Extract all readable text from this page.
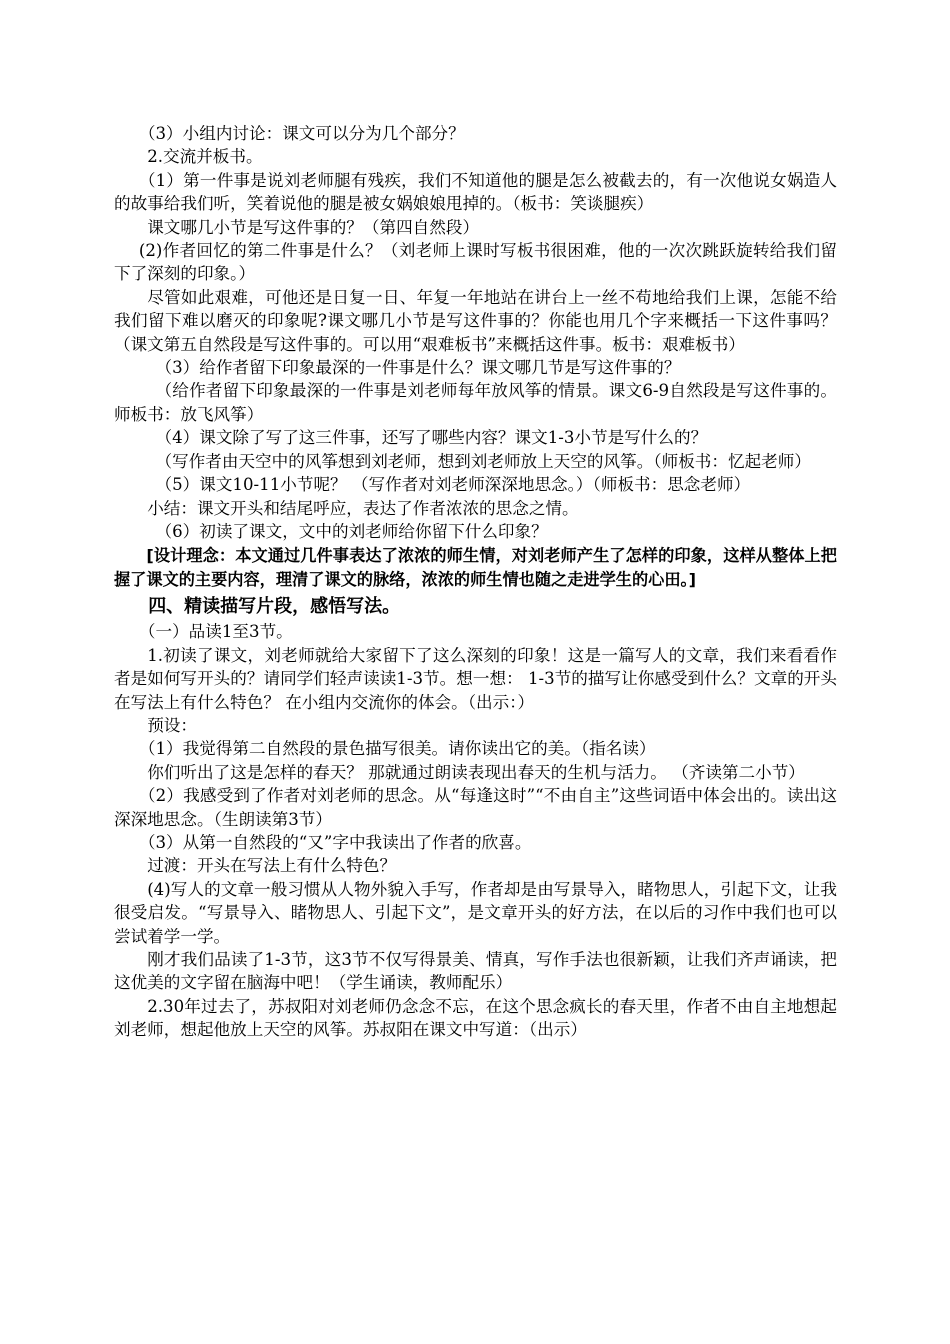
（3）小组内讨论：课文可以分为几个部分？

2.交流并板书。

（1）第一件事是说刘老师腿有残疾，我们不知道他的腿是怎么被截去的，有一次他说女娲造人的故事给我们听，笑着说他的腿是被女娲娘娘甩掉的。（板书：笑谈腿疾）

课文哪几小节是写这件事的？（第四自然段）

(2)作者回忆的第二件事是什么？（刘老师上课时写板书很困难，他的一次次跳跃旋转给我们留下了深刻的印象。）

尽管如此艰难，可他还是日复一日、年复一年地站在讲台上一丝不苟地给我们上课，怎能不给我们留下难以磨灭的印象呢?课文哪几小节是写这件事的？你能也用几个字来概括一下这件事吗？（课文第五自然段是写这件事的。可以用“艰难板书”来概括这件事。板书：艰难板书）

（3）给作者留下印象最深的一件事是什么？课文哪几节是写这件事的？

（给作者留下印象最深的一件事是刘老师每年放风筝的情景。课文6-9自然段是写这件事的。师板书：放飞风筝）

（4）课文除了写了这三件事，还写了哪些内容？课文1-3小节是写什么的？

（写作者由天空中的风筝想到刘老师，想到刘老师放上天空的风筝。（师板书：忆起老师）

（5）课文10-11小节呢？ （写作者对刘老师深深地思念。）（师板书：思念老师）

小结：课文开头和结尾呼应，表达了作者浓浓的思念之情。

（6）初读了课文，文中的刘老师给你留下什么印象？

[设计理念：本文通过几件事表达了浓浓的师生情，对刘老师产生了怎样的印象，这样从整体上把握了课文的主要内容，理清了课文的脉络，浓浓的师生情也随之走进学生的心田。]

四、精读描写片段，感悟写法。

（一）品读1至3节。

1.初读了课文，刘老师就给大家留下了这么深刻的印象！这是一篇写人的文章，我们来看看作者是如何写开头的？请同学们轻声读读1-3节。想一想： 1-3节的描写让你感受到什么？文章的开头在写法上有什么特色？ 在小组内交流你的体会。（出示：）

预设：

（1）我觉得第二自然段的景色描写很美。请你读出它的美。（指名读）

你们听出了这是怎样的春天？ 那就通过朗读表现出春天的生机与活力。 （齐读第二小节）

（2）我感受到了作者对刘老师的思念。从“每逢这时”“不由自主”这些词语中体会出的。读出这深深地思念。（生朗读第3节）

（3）从第一自然段的“又”字中我读出了作者的欣喜。

过渡：开头在写法上有什么特色？

(4)写人的文章一般习惯从人物外貌入手写，作者却是由写景导入，睹物思人，引起下文，让我很受启发。“写景导入、睹物思人、引起下文”，是文章开头的好方法，在以后的习作中我们也可以尝试着学一学。

刚才我们品读了1-3节，这3节不仅写得景美、情真，写作手法也很新颖，让我们齐声诵读，把这优美的文字留在脑海中吧！（学生诵读，教师配乐）

2.30年过去了，苏叔阳对刘老师仍念念不忘，在这个思念疯长的春天里，作者不由自主地想起刘老师，想起他放上天空的风筝。苏叔阳在课文中写道：（出示）
